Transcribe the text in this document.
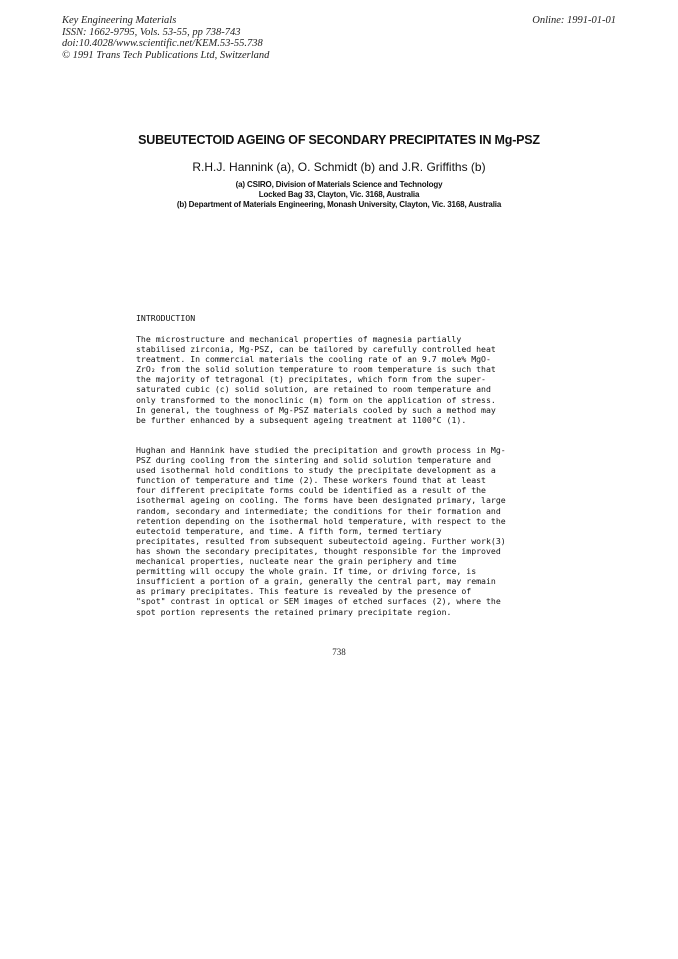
Key Engineering Materials
ISSN: 1662-9795, Vols. 53-55, pp 738-743
doi:10.4028/www.scientific.net/KEM.53-55.738
© 1991 Trans Tech Publications Ltd, Switzerland
Online: 1991-01-01
SUBEUTECTOID AGEING OF SECONDARY PRECIPITATES IN Mg-PSZ
R.H.J. Hannink (a), O. Schmidt (b) and J.R. Griffiths (b)
(a) CSIRO, Division of Materials Science and Technology
Locked Bag 33, Clayton, Vic. 3168, Australia
(b) Department of Materials Engineering, Monash University, Clayton, Vic. 3168, Australia
INTRODUCTION
The microstructure and mechanical properties of magnesia partially
stabilised zirconia, Mg-PSZ, can be tailored by carefully controlled heat
treatment. In commercial materials the cooling rate of an 9.7 mole% MgO-
ZrO₂ from the solid solution temperature to room temperature is such that
the majority of tetragonal (t) precipitates, which form from the super-
saturated cubic (c) solid solution, are retained to room temperature and
only transformed to the monoclinic (m) form on the application of stress.
In general, the toughness of Mg-PSZ materials cooled by such a method may
be further enhanced by a subsequent ageing treatment at 1100°C (1).
Hughan and Hannink have studied the precipitation and growth process in Mg-
PSZ during cooling from the sintering and solid solution temperature and
used isothermal hold conditions to study the precipitate development as a
function of temperature and time (2). These workers found that at least
four different precipitate forms could be identified as a result of the
isothermal ageing on cooling. The forms have been designated primary, large
random, secondary and intermediate; the conditions for their formation and
retention depending on the isothermal hold temperature, with respect to the
eutectoid temperature, and time. A fifth form, termed tertiary
precipitates, resulted from subsequent subeutectoid ageing. Further work(3)
has shown the secondary precipitates, thought responsible for the improved
mechanical properties, nucleate near the grain periphery and time
permitting will occupy the whole grain. If time, or driving force, is
insufficient a portion of a grain, generally the central part, may remain
as primary precipitates. This feature is revealed by the presence of
"spot" contrast in optical or SEM images of etched surfaces (2), where the
spot portion represents the retained primary precipitate region.
738
